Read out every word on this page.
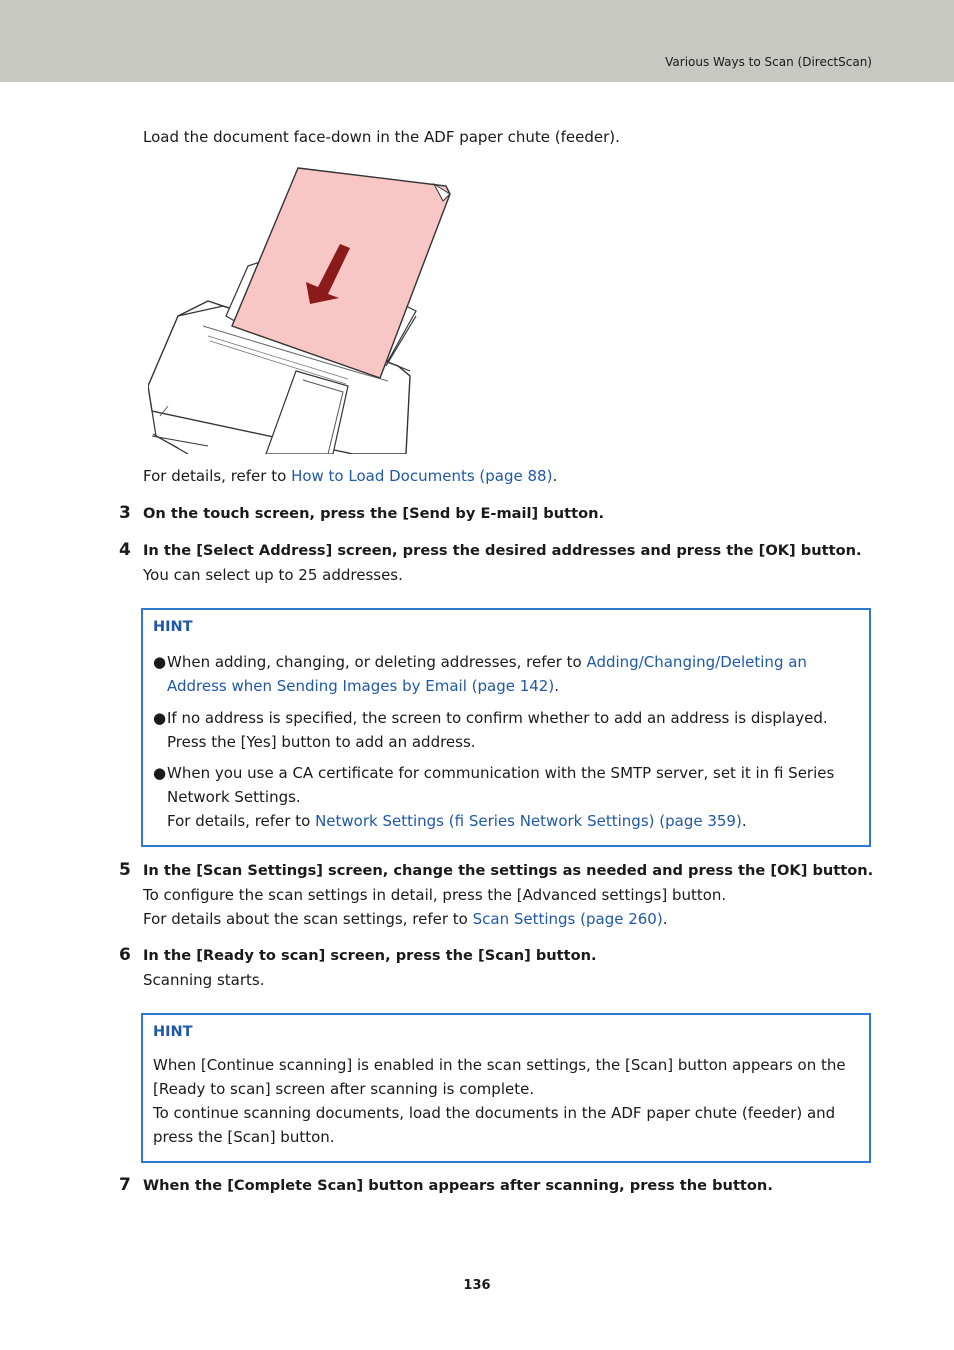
Various Ways to Scan (DirectScan)

Load the document face-down in the ADF paper chute (feeder).

For details, refer to How to Load Documents (page 88).

3 On the touch screen, press the [Send by E-mail] button.
4 In the [Select Address] screen, press the desired addresses and press the [OK] button.

You can select up to 25 addresses.

HINT
● When adding, changing, or deleting addresses, refer to Adding/Changing/Deleting an Address when Sending Images by Email (page 142).
● If no address is specified, the screen to confirm whether to add an address is displayed. Press the [Yes] button to add an address.
● When you use a CA certificate for communication with the SMTP server, set it in fi Series Network Settings.
For details, refer to Network Settings (fi Series Network Settings) (page 359).
5 In the [Scan Settings] screen, change the settings as needed and press the [OK] button.

To configure the scan settings in detail, press the [Advanced settings] button.

For details about the scan settings, refer to Scan Settings (page 260).

6 In the [Ready to scan] screen, press the [Scan] button.

Scanning starts.

HINT
When [Continue scanning] is enabled in the scan settings, the [Scan] button appears on the [Ready to scan] screen after scanning is complete.
To continue scanning documents, load the documents in the ADF paper chute (feeder) and press the [Scan] button.
7 When the [Complete Scan] button appears after scanning, press the button.
136
